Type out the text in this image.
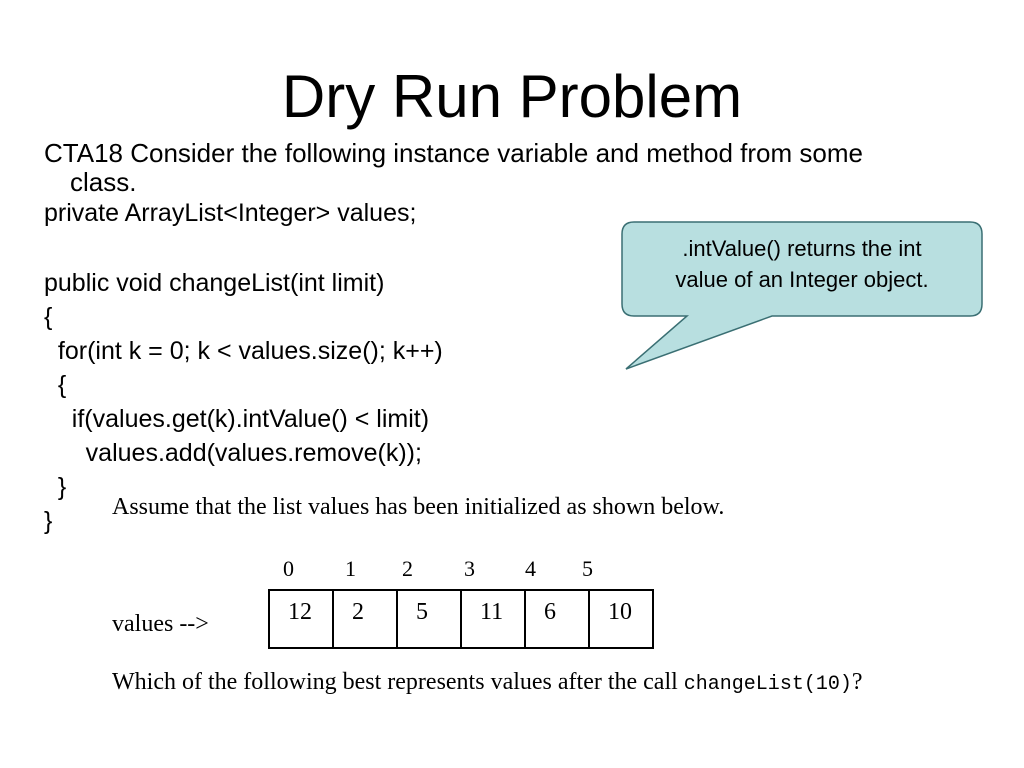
Dry Run Problem
CTA18 Consider the following instance variable and method from some
class.
private ArrayList<Integer> values;
public void changeList(int limit)
{
for(int k = 0; k < values.size(); k++)
{
if(values.get(k).intValue() < limit)
values.add(values.remove(k));
}
}
.intValue() returns the int
value of an Integer object.
Assume that the list values has been initialized as shown below.
0	1	2	3	4	5
values -->	12	2	5	11	6	10
Which of the following best represents values after the call changeList(10)?
